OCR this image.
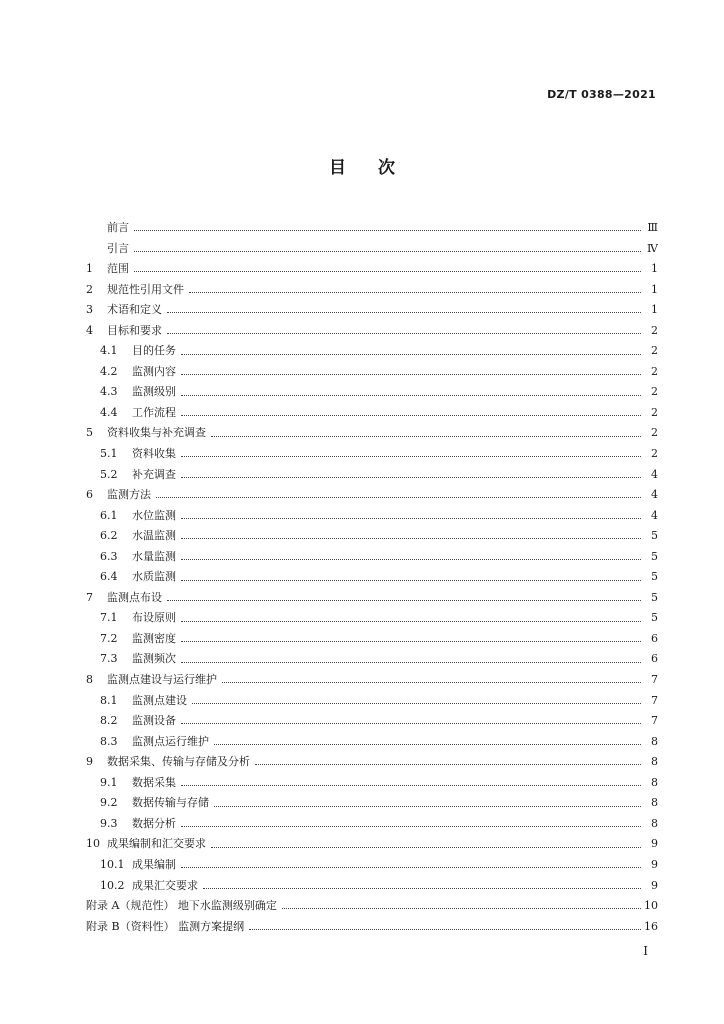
DZ/T 0388—2021
目 次
前言	Ⅲ
引言	Ⅳ
1	范围	1
2	规范性引用文件	1
3	术语和定义	1
4	目标和要求	2
4.1	目的任务	2
4.2	监测内容	2
4.3	监测级别	2
4.4	工作流程	2
5	资料收集与补充调查	2
5.1	资料收集	2
5.2	补充调查	4
6	监测方法	4
6.1	水位监测	4
6.2	水温监测	5
6.3	水量监测	5
6.4	水质监测	5
7	监测点布设	5
7.1	布设原则	5
7.2	监测密度	6
7.3	监测频次	6
8	监测点建设与运行维护	7
8.1	监测点建设	7
8.2	监测设备	7
8.3	监测点运行维护	8
9	数据采集、传输与存储及分析	8
9.1	数据采集	8
9.2	数据传输与存储	8
9.3	数据分析	8
10 成果编制和汇交要求	9
10.1 成果编制	9
10.2 成果汇交要求	9
附录 A（规范性） 地下水监测级别确定	10
附录 B（资料性） 监测方案提纲	16
I
